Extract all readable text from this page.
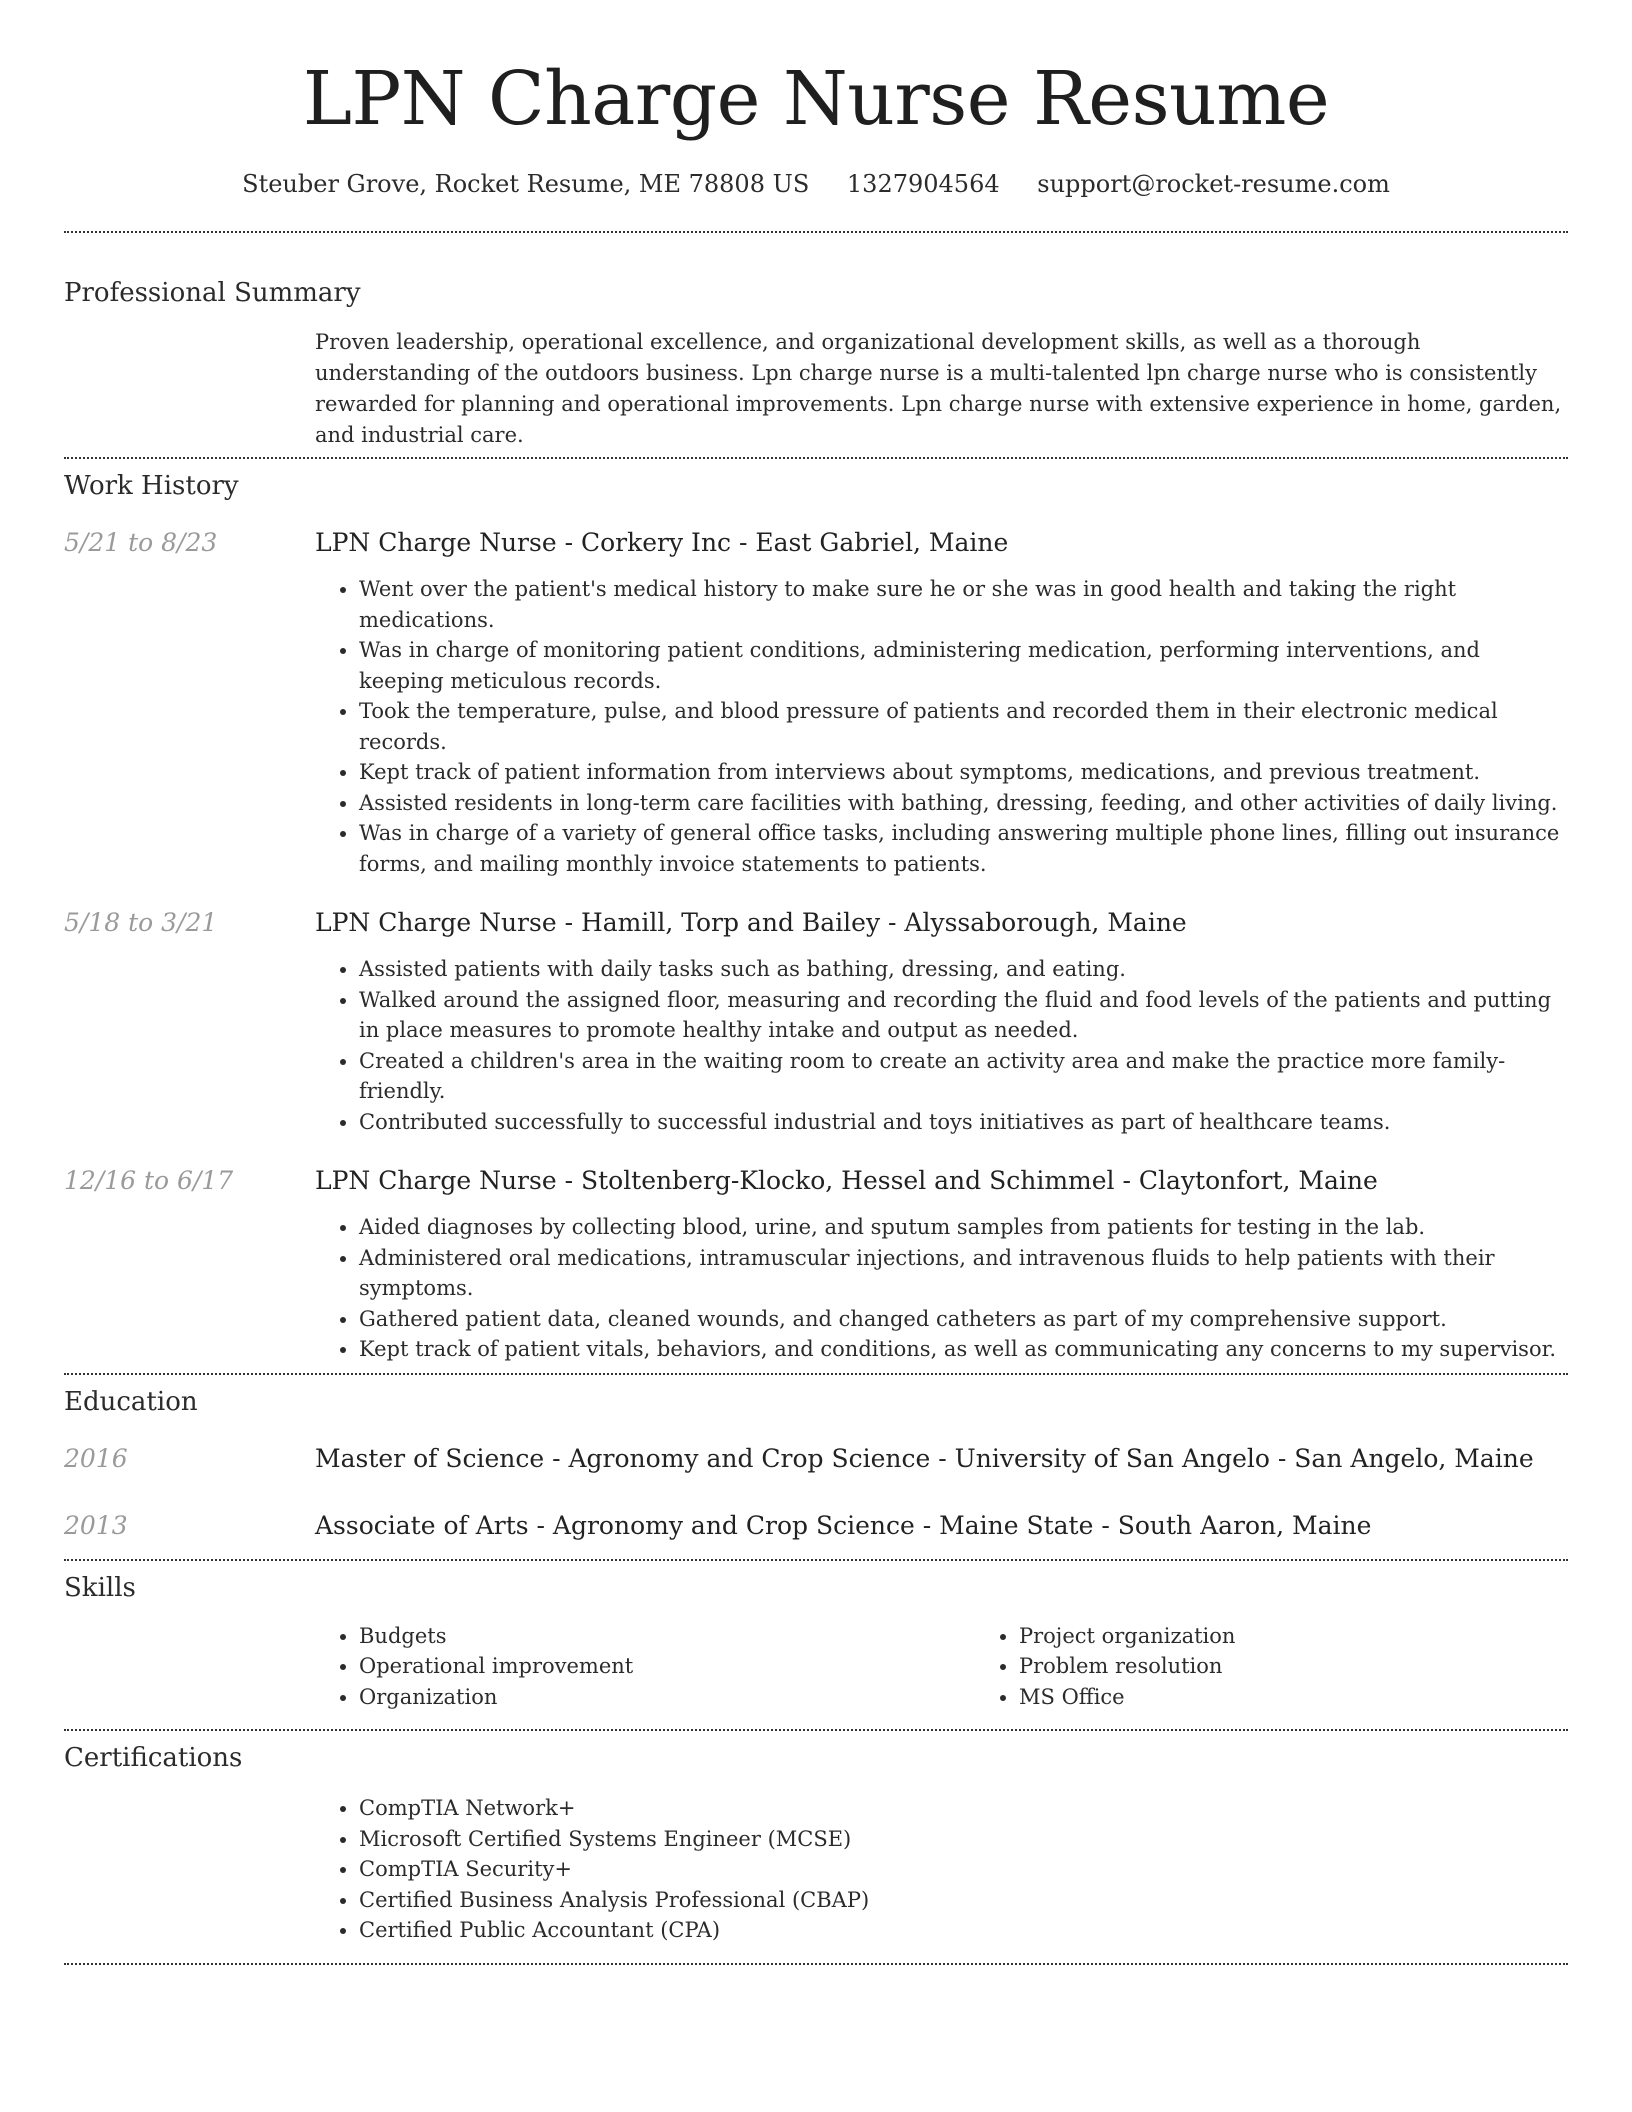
LPN Charge Nurse Resume
Steuber Grove, Rocket Resume, ME 78808 US 1327904564 support@rocket-resume.com
Professional Summary

Proven leadership, operational excellence, and organizational development skills, as well as a thorough understanding of the outdoors business. Lpn charge nurse is a multi-talented lpn charge nurse who is consistently rewarded for planning and operational improvements. Lpn charge nurse with extensive experience in home, garden, and industrial care.

Work History
5/21 to 8/23	LPN Charge Nurse - Corkery Inc - East Gabriel, Maine
• Went over the patient's medical history to make sure he or she was in good health and taking the right medications.
• Was in charge of monitoring patient conditions, administering medication, performing interventions, and keeping meticulous records.
• Took the temperature, pulse, and blood pressure of patients and recorded them in their electronic medical records.
• Kept track of patient information from interviews about symptoms, medications, and previous treatment.
• Assisted residents in long-term care facilities with bathing, dressing, feeding, and other activities of daily living.
• Was in charge of a variety of general office tasks, including answering multiple phone lines, filling out insurance forms, and mailing monthly invoice statements to patients.
5/18 to 3/21	LPN Charge Nurse - Hamill, Torp and Bailey - Alyssaborough, Maine
• Assisted patients with daily tasks such as bathing, dressing, and eating.
• Walked around the assigned floor, measuring and recording the fluid and food levels of the patients and putting in place measures to promote healthy intake and output as needed.
• Created a children's area in the waiting room to create an activity area and make the practice more family-friendly.
• Contributed successfully to successful industrial and toys initiatives as part of healthcare teams.
12/16 to 6/17	LPN Charge Nurse - Stoltenberg-Klocko, Hessel and Schimmel - Claytonfort, Maine
• Aided diagnoses by collecting blood, urine, and sputum samples from patients for testing in the lab.
• Administered oral medications, intramuscular injections, and intravenous fluids to help patients with their symptoms.
• Gathered patient data, cleaned wounds, and changed catheters as part of my comprehensive support.
• Kept track of patient vitals, behaviors, and conditions, as well as communicating any concerns to my supervisor.
Education
2016	Master of Science - Agronomy and Crop Science - University of San Angelo - San Angelo, Maine
2013	Associate of Arts - Agronomy and Crop Science - Maine State - South Aaron, Maine
Skills
• Budgets
• Operational improvement
• Organization
• Project organization
• Problem resolution
• MS Office
Certifications
• CompTIA Network+
• Microsoft Certified Systems Engineer (MCSE)
• CompTIA Security+
• Certified Business Analysis Professional (CBAP)
• Certified Public Accountant (CPA)
